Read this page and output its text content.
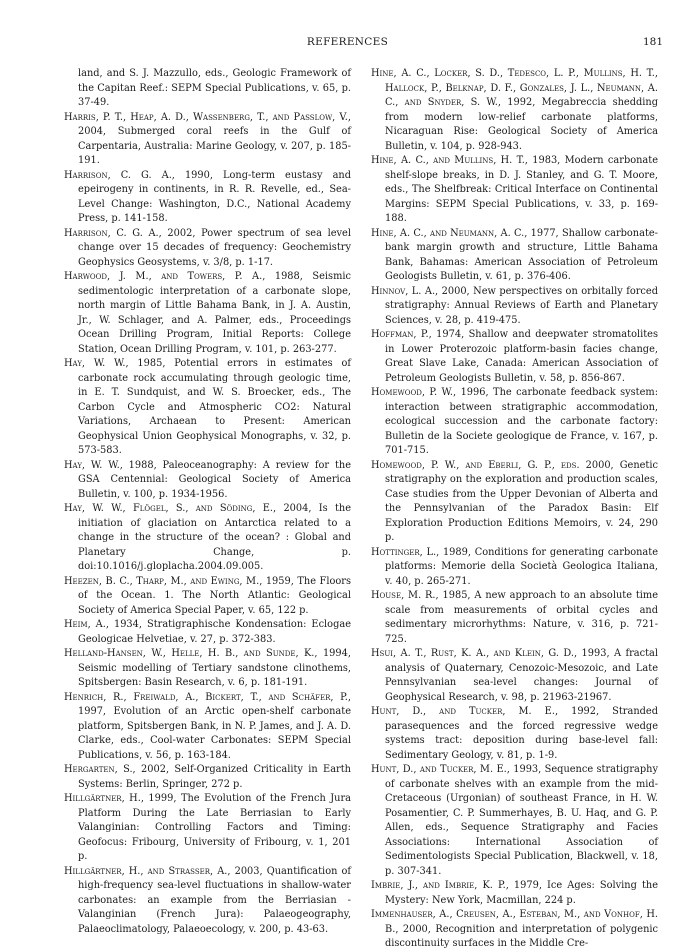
REFERENCES	181

land, and S. J. Mazzullo, eds., Geologic Framework of the Capitan Reef.: SEPM Special Publications, v. 65, p. 37-49.

Harris, P. T., Heap, A. D., Wassenberg, T., and Passlow, V., 2004, Submerged coral reefs in the Gulf of Carpentaria, Australia: Marine Geology, v. 207, p. 185-191.

Harrison, C. G. A., 1990, Long-term eustasy and epeirogeny in continents, in R. R. Revelle, ed., Sea-Level Change: Washington, D.C., National Academy Press, p. 141-158.

Harrison, C. G. A., 2002, Power spectrum of sea level change over 15 decades of frequency: Geochemistry Geophysics Geosystems, v. 3/8, p. 1-17.

Harwood, J. M., and Towers, P. A., 1988, Seismic sedimentologic interpretation of a carbonate slope, north margin of Little Bahama Bank, in J. A. Austin, Jr., W. Schlager, and A. Palmer, eds., Proceedings Ocean Drilling Program, Initial Reports: College Station, Ocean Drilling Program, v. 101, p. 263-277.

Hay, W. W., 1985, Potential errors in estimates of carbonate rock accumulating through geologic time, in E. T. Sundquist, and W. S. Broecker, eds., The Carbon Cycle and Atmospheric CO2: Natural Variations, Archaean to Present: American Geophysical Union Geophysical Monographs, v. 32, p. 573-583.

Hay, W. W., 1988, Paleoceanography: A review for the GSA Centennial: Geological Society of America Bulletin, v. 100, p. 1934-1956.

Hay, W. W., Flögel, S., and Söding, E., 2004, Is the initiation of glaciation on Antarctica related to a change in the structure of the ocean? : Global and Planetary Change, p. doi:10.1016/j.gloplacha.2004.09.005.

Heezen, B. C., Tharp, M., and Ewing, M., 1959, The Floors of the Ocean. 1. The North Atlantic: Geological Society of America Special Paper, v. 65, 122 p.

Heim, A., 1934, Stratigraphische Kondensation: Eclogae Geologicae Helvetiae, v. 27, p. 372-383.

Helland-Hansen, W., Helle, H. B., and Sunde, K., 1994, Seismic modelling of Tertiary sandstone clinothems, Spitsbergen: Basin Research, v. 6, p. 181-191.

Henrich, R., Freiwald, A., Bickert, T., and Schäfer, P., 1997, Evolution of an Arctic open-shelf carbonate platform, Spitsbergen Bank, in N. P. James, and J. A. D. Clarke, eds., Cool-water Carbonates: SEPM Special Publications, v. 56, p. 163-184.

Hergarten, S., 2002, Self-Organized Criticality in Earth Systems: Berlin, Springer, 272 p.

Hillgärtner, H., 1999, The Evolution of the French Jura Platform During the Late Berriasian to Early Valanginian: Controlling Factors and Timing: Geofocus: Fribourg, University of Fribourg, v. 1, 201 p.

Hillgärtner, H., and Strasser, A., 2003, Quantification of high-frequency sea-level fluctuations in shallow-water carbonates: an example from the Berriasian - Valanginian (French Jura): Palaeogeography, Palaeoclimatology, Palaeoecology, v. 200, p. 43-63.

Hine, A. C., Locker, S. D., Tedesco, L. P., Mullins, H. T., Hallock, P., Belknap, D. F., Gonzales, J. L., Neumann, A. C., and Snyder, S. W., 1992, Megabreccia shedding from modern low-relief carbonate platforms, Nicaraguan Rise: Geological Society of America Bulletin, v. 104, p. 928-943.

Hine, A. C., and Mullins, H. T., 1983, Modern carbonate shelf-slope breaks, in D. J. Stanley, and G. T. Moore, eds., The Shelfbreak: Critical Interface on Continental Margins: SEPM Special Publications, v. 33, p. 169-188.

Hine, A. C., and Neumann, A. C., 1977, Shallow carbonate-bank margin growth and structure, Little Bahama Bank, Bahamas: American Association of Petroleum Geologists Bulletin, v. 61, p. 376-406.

Hinnov, L. A., 2000, New perspectives on orbitally forced stratigraphy: Annual Reviews of Earth and Planetary Sciences, v. 28, p. 419-475.

Hoffman, P., 1974, Shallow and deepwater stromatolites in Lower Proterozoic platform-basin facies change, Great Slave Lake, Canada: American Association of Petroleum Geologists Bulletin, v. 58, p. 856-867.

Homewood, P. W., 1996, The carbonate feedback system: interaction between stratigraphic accommodation, ecological succession and the carbonate factory: Bulletin de la Societe geologique de France, v. 167, p. 701-715.

Homewood, P. W., and Eberli, G. P., eds. 2000, Genetic stratigraphy on the exploration and production scales, Case studies from the Upper Devonian of Alberta and the Pennsylvanian of the Paradox Basin: Elf Exploration Production Editions Memoirs, v. 24, 290 p.

Hottinger, L., 1989, Conditions for generating carbonate platforms: Memorie della Società Geologica Italiana, v. 40, p. 265-271.

House, M. R., 1985, A new approach to an absolute time scale from measurements of orbital cycles and sedimentary microrhythms: Nature, v. 316, p. 721-725.

Hsui, A. T., Rust, K. A., and Klein, G. D., 1993, A fractal analysis of Quaternary, Cenozoic-Mesozoic, and Late Pennsylvanian sea-level changes: Journal of Geophysical Research, v. 98, p. 21963-21967.

Hunt, D., and Tucker, M. E., 1992, Stranded parasequences and the forced regressive wedge systems tract: deposition during base-level fall: Sedimentary Geology, v. 81, p. 1-9.

Hunt, D., and Tucker, M. E., 1993, Sequence stratigraphy of carbonate shelves with an example from the mid-Cretaceous (Urgonian) of southeast France, in H. W. Posamentier, C. P. Summerhayes, B. U. Haq, and G. P. Allen, eds., Sequence Stratigraphy and Facies Associations: International Association of Sedimentologists Special Publication, Blackwell, v. 18, p. 307-341.

Imbrie, J., and Imbrie, K. P., 1979, Ice Ages: Solving the Mystery: New York, Macmillan, 224 p.

Immenhauser, A., Creusen, A., Esteban, M., and Vonhof, H. B., 2000, Recognition and interpretation of polygenic discontinuity surfaces in the Middle Cre-
